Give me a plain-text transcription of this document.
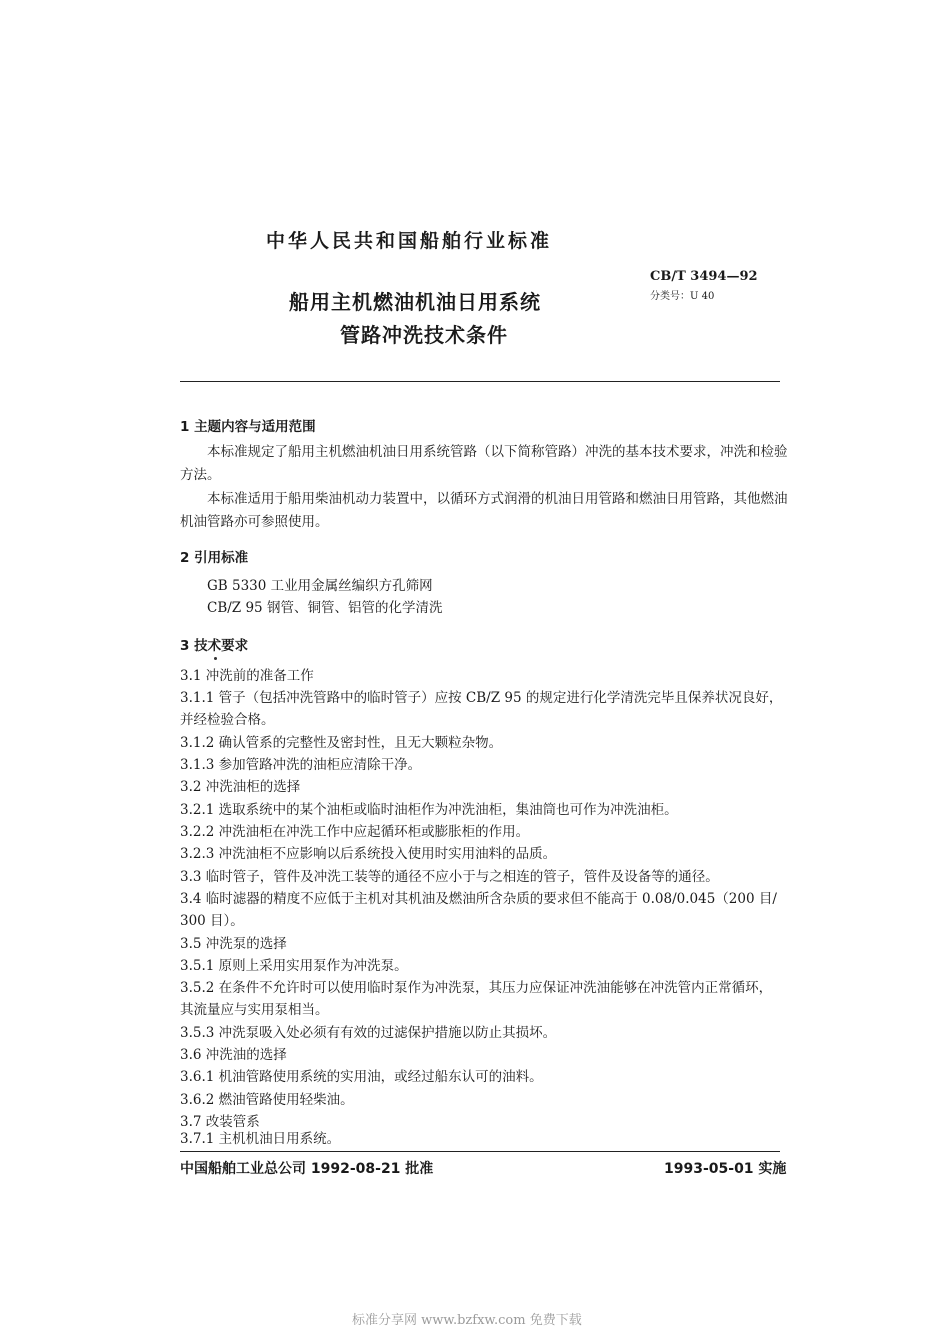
中华人民共和国船舶行业标准
船用主机燃油机油日用系统
管路冲洗技术条件
CB/T 3494—92
分类号：U 40
1 主题内容与适用范围
本标准规定了船用主机燃油机油日用系统管路（以下简称管路）冲洗的基本技术要求，冲洗和检验
方法。
本标准适用于船用柴油机动力装置中，以循环方式润滑的机油日用管路和燃油日用管路，其他燃油
机油管路亦可参照使用。
2 引用标准
GB 5330 工业用金属丝编织方孔筛网
CB/Z 95 钢管、铜管、铝管的化学清洗
3 技术要求
3.1 冲洗前的准备工作
3.1.1 管子（包括冲洗管路中的临时管子）应按 CB/Z 95 的规定进行化学清洗完毕且保养状况良好，
并经检验合格。
3.1.2 确认管系的完整性及密封性，且无大颗粒杂物。
3.1.3 参加管路冲洗的油柜应清除干净。
3.2 冲洗油柜的选择
3.2.1 选取系统中的某个油柜或临时油柜作为冲洗油柜，集油筒也可作为冲洗油柜。
3.2.2 冲洗油柜在冲洗工作中应起循环柜或膨胀柜的作用。
3.2.3 冲洗油柜不应影响以后系统投入使用时实用油料的品质。
3.3 临时管子，管件及冲洗工装等的通径不应小于与之相连的管子，管件及设备等的通径。
3.4 临时滤器的精度不应低于主机对其机油及燃油所含杂质的要求但不能高于 0.08/0.045（200 目/
300 目）。
3.5 冲洗泵的选择
3.5.1 原则上采用实用泵作为冲洗泵。
3.5.2 在条件不允许时可以使用临时泵作为冲洗泵，其压力应保证冲洗油能够在冲洗管内正常循环，
其流量应与实用泵相当。
3.5.3 冲洗泵吸入处必须有有效的过滤保护措施以防止其损坏。
3.6 冲洗油的选择
3.6.1 机油管路使用系统的实用油，或经过船东认可的油料。
3.6.2 燃油管路使用轻柴油。
3.7 改装管系
3.7.1 主机机油日用系统。
中国船舶工业总公司 1992-08-21 批准	1993-05-01 实施
标准分享网 www.bzfxw.com 免费下载
